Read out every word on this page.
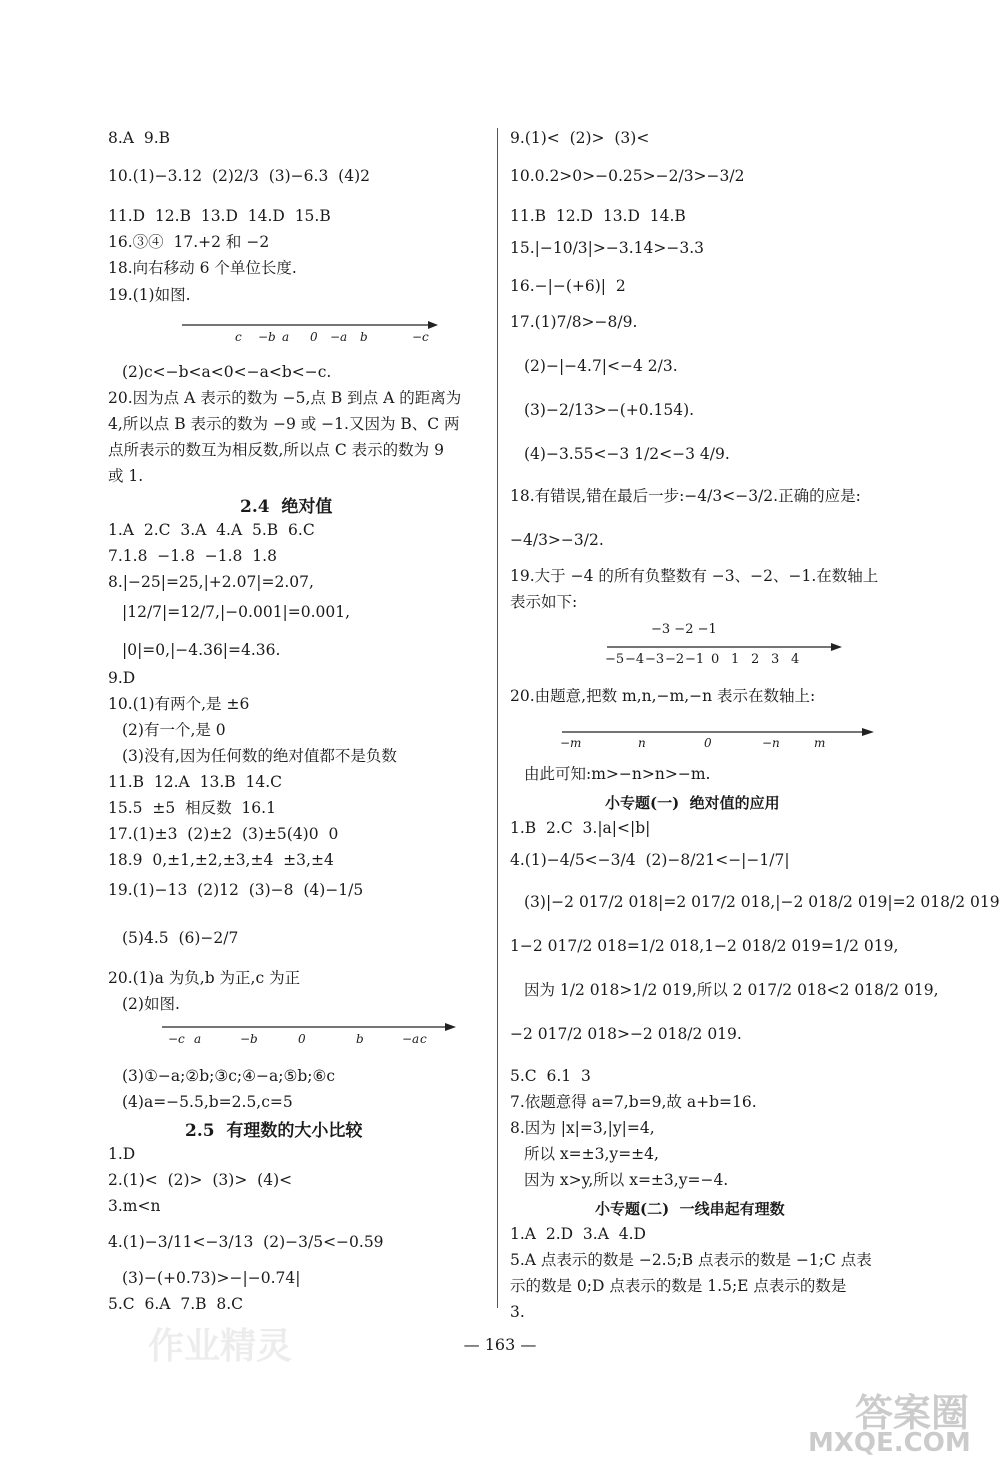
8.A  9.B
10.(1)−3.12  (2)2/3  (3)−6.3  (4)2
11.D  12.B  13.D  14.D  15.B
16.③④  17.+2 和 −2
18.向右移动 6 个单位长度.
19.(1)如图.
(2)c<−b<a<0<−a<b<−c.
20.因为点 A 表示的数为 −5,点 B 到点 A 的距离为
4,所以点 B 表示的数为 −9 或 −1.又因为 B、C 两
点所表示的数互为相反数,所以点 C 表示的数为 9
或 1.
1.A  2.C  3.A  4.A  5.B  6.C
7.1.8  −1.8  −1.8  1.8
8.|−25|=25,|+2.07|=2.07,
|12/7|=12/7,|−0.001|=0.001,
|0|=0,|−4.36|=4.36.
9.D
10.(1)有两个,是 ±6
(2)有一个,是 0
(3)没有,因为任何数的绝对值都不是负数
11.B  12.A  13.B  14.C
15.5  ±5  相反数  16.1
17.(1)±3  (2)±2  (3)±5(4)0  0
18.9  0,±1,±2,±3,±4  ±3,±4
19.(1)−13  (2)12  (3)−8  (4)−1/5
(5)4.5  (6)−2/7
20.(1)a 为负,b 为正,c 为正
(2)如图.
(3)①−a;②b;③c;④−a;⑤b;⑥c
(4)a=−5.5,b=2.5,c=5
1.D
2.(1)<  (2)>  (3)>  (4)<
3.m<n
4.(1)−3/11<−3/13  (2)−3/5<−0.59
(3)−(+0.73)>−|−0.74|
5.C  6.A  7.B  8.C
9.(1)<  (2)>  (3)<
10.0.2>0>−0.25>−2/3>−3/2
11.B  12.D  13.D  14.B
15.|−10/3|>−3.14>−3.3
16.−|−(+6)|  2
17.(1)7/8>−8/9.
(2)−|−4.7|<−4 2/3.
(3)−2/13>−(+0.154).
(4)−3.55<−3 1/2<−3 4/9.
18.有错误,错在最后一步:−4/3<−3/2.正确的应是:
−4/3>−3/2.
19.大于 −4 的所有负整数有 −3、−2、−1.在数轴上
表示如下:
20.由题意,把数 m,n,−m,−n 表示在数轴上:
由此可知:m>−n>n>−m.
1.B  2.C  3.|a|<|b|
4.(1)−4/5<−3/4  (2)−8/21<−|−1/7|
(3)|−2 017/2 018|=2 017/2 018,|−2 018/2 019|=2 018/2 019
1−2 017/2 018=1/2 018,1−2 018/2 019=1/2 019,
因为 1/2 018>1/2 019,所以 2 017/2 018<2 018/2 019,
−2 017/2 018>−2 018/2 019.
5.C  6.1  3
7.依题意得 a=7,b=9,故 a+b=16.
8.因为 |x|=3,|y|=4,
所以 x=±3,y=±4,
因为 x>y,所以 x=±3,y=−4.
1.A  2.D  3.A  4.D
5.A 点表示的数是 −2.5;B 点表示的数是 −1;C 点表
示的数是 0;D 点表示的数是 1.5;E 点表示的数是
3.
2.4  绝对值
2.5  有理数的大小比较
小专题(一)  绝对值的应用
小专题(二)  一线串起有理数
c −b a 0 −a b	−c
−c a	−b	0	b	−a c
−3 −2 −1
−5 −4 −3 −2 −1 0 1 2 3 4
−m	n	0	−n	m
— 163 —
作业精灵
答案圈
MXQE.COM
